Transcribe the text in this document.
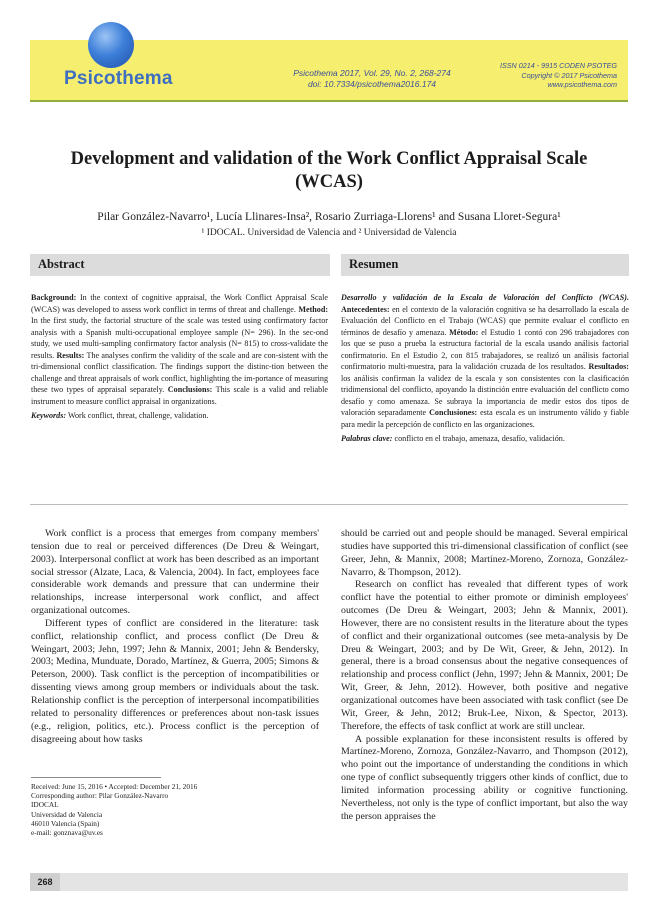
Psicothema	Psicothema 2017, Vol. 29, No. 2, 268-274
doi: 10.7334/psicothema2016.174
ISSN 0214 - 9915 CODEN PSOTEG
Copyright © 2017 Psicothema
www.psicothema.com
Development and validation of the Work Conflict Appraisal Scale (WCAS)
Pilar González-Navarro¹, Lucía Llinares-Insa², Rosario Zurriaga-Llorens¹ and Susana Lloret-Segura¹
¹ IDOCAL. Universidad de Valencia and ² Universidad de Valencia
Abstract

Background: In the context of cognitive appraisal, the Work Conflict Appraisal Scale (WCAS) was developed to assess work conflict in terms of threat and challenge. Method: In the first study, the factorial structure of the scale was tested using confirmatory factor analysis with a Spanish multi-occupational employee sample (N= 296). In the sec-ond study, we used multi-sampling confirmatory factor analysis (N= 815) to cross-validate the results. Results: The analyses confirm the validity of the scale and are con-sistent with the tri-dimensional conflict classification. The findings support the distinc-tion between the challenge and threat appraisals of work conflict, highlighting the im-portance of measuring these two types of appraisal separately. Conclusions: This scale is a valid and reliable instrument to measure conflict appraisal in organizations.

Keywords: Work conflict, threat, challenge, validation.

Resumen

Desarrollo y validación de la Escala de Valoración del Conflicto (WCAS). Antecedentes: en el contexto de la valoración cognitiva se ha desarrollado la escala de Evaluación del Conflicto en el Trabajo (WCAS) que permite evaluar el conflicto en términos de desafío y amenaza. Método: el Estudio 1 contó con 296 trabajadores con los que se puso a prueba la estructura factorial de la escala usando análisis factorial confirmatorio. En el Estudio 2, con 815 trabajadores, se realizó un análisis factorial confirmatorio multi-muestra, para la validación cruzada de los resultados. Resultados: los análisis confirman la validez de la escala y son consistentes con la clasificación tridimensional del conflicto, apoyando la distinción entre evaluación del conflicto como desafío y como amenaza. Se subraya la importancia de medir estos dos tipos de valoración separadamente Conclusiones: esta escala es un instrumento válido y fiable para medir la percepción de conflicto en las organizaciones.

Palabras clave: conflicto en el trabajo, amenaza, desafío, validación.

Work conflict is a process that emerges from company members' tension due to real or perceived differences (De Dreu & Weingart, 2003). Interpersonal conflict at work has been described as an important social stressor (Alzate, Laca, & Valencia, 2004). In fact, employees face considerable work demands and pressure that can undermine their relationships, increase interpersonal work conflict, and affect organizational outcomes.

Different types of conflict are considered in the literature: task conflict, relationship conflict, and process conflict (De Dreu & Weingart, 2003; Jehn, 1997; Jehn & Mannix, 2001; Jehn & Bendersky, 2003; Medina, Munduate, Dorado, Martínez, & Guerra, 2005; Simons & Peterson, 2000). Task conflict is the perception of incompatibilities or dissenting views among group members or individuals about the task. Relationship conflict is the perception of interpersonal incompatibilities related to personality differences or preferences about non-task issues (e.g., religion, politics, etc.). Process conflict is the perception of disagreeing about how tasks

should be carried out and people should be managed. Several empirical studies have supported this tri-dimensional classification of conflict (see Greer, Jehn, & Mannix, 2008; Martínez-Moreno, Zornoza, González-Navarro, & Thompson, 2012).

Research on conflict has revealed that different types of work conflict have the potential to either promote or diminish employees' outcomes (De Dreu & Weingart, 2003; Jehn & Mannix, 2001). However, there are no consistent results in the literature about the types of conflict and their organizational outcomes (see meta-analysis by De Dreu & Weingart, 2003; and by De Wit, Greer, & Jehn, 2012). In general, there is a broad consensus about the negative consequences of relationship and process conflict (Jehn, 1997; Jehn & Mannix, 2001; De Wit, Greer, & Jehn, 2012). However, both positive and negative organizational outcomes have been associated with task conflict (see De Wit, Greer, & Jehn, 2012; Bruk-Lee, Nixon, & Spector, 2013). Therefore, the effects of task conflict at work are still unclear.

A possible explanation for these inconsistent results is offered by Martínez-Moreno, Zornoza, González-Navarro, and Thompson (2012), who point out the importance of understanding the conditions in which one type of conflict subsequently triggers other kinds of conflict, due to limited information processing ability or cognitive functioning. Nevertheless, not only is the type of conflict important, but also the way the person appraises the

Received: June 15, 2016 • Accepted: December 21, 2016
Corresponding author: Pilar González-Navarro
IDOCAL
Universidad de Valencia
46010 Valencia (Spain)
e-mail: gonznava@uv.es
268
